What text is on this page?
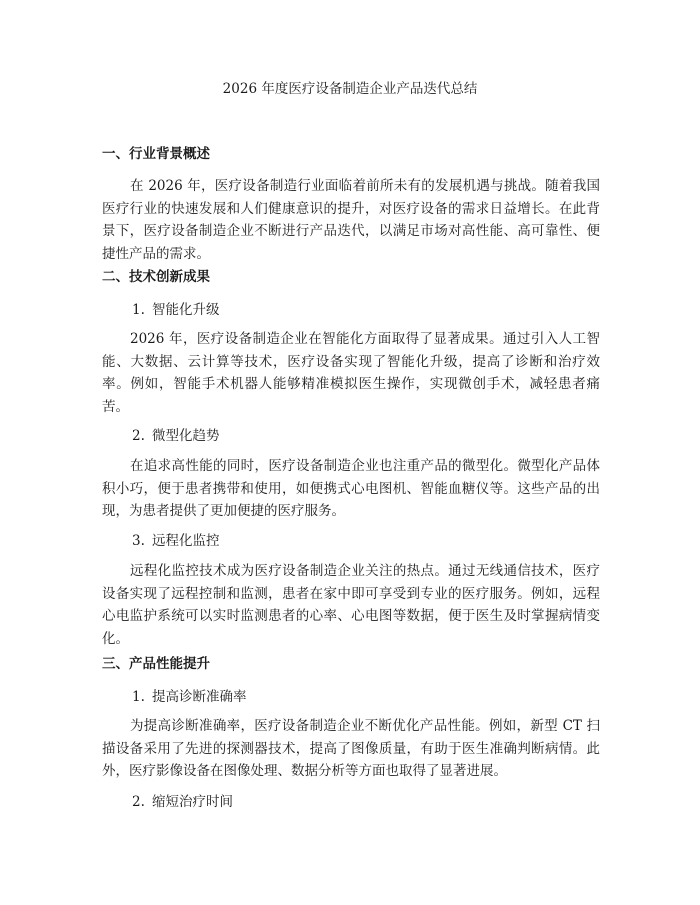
2026 年度医疗设备制造企业产品迭代总结
一、行业背景概述

在 2026 年，医疗设备制造行业面临着前所未有的发展机遇与挑战。随着我国医疗行业的快速发展和人们健康意识的提升，对医疗设备的需求日益增长。在此背景下，医疗设备制造企业不断进行产品迭代，以满足市场对高性能、高可靠性、便捷性产品的需求。

二、技术创新成果
1. 智能化升级

2026 年，医疗设备制造企业在智能化方面取得了显著成果。通过引入人工智能、大数据、云计算等技术，医疗设备实现了智能化升级，提高了诊断和治疗效率。例如，智能手术机器人能够精准模拟医生操作，实现微创手术，减轻患者痛苦。

2. 微型化趋势

在追求高性能的同时，医疗设备制造企业也注重产品的微型化。微型化产品体积小巧，便于患者携带和使用，如便携式心电图机、智能血糖仪等。这些产品的出现，为患者提供了更加便捷的医疗服务。

3. 远程化监控

远程化监控技术成为医疗设备制造企业关注的热点。通过无线通信技术，医疗设备实现了远程控制和监测，患者在家中即可享受到专业的医疗服务。例如，远程心电监护系统可以实时监测患者的心率、心电图等数据，便于医生及时掌握病情变化。

三、产品性能提升
1. 提高诊断准确率

为提高诊断准确率，医疗设备制造企业不断优化产品性能。例如，新型 CT 扫描设备采用了先进的探测器技术，提高了图像质量，有助于医生准确判断病情。此外，医疗影像设备在图像处理、数据分析等方面也取得了显著进展。

2. 缩短治疗时间
